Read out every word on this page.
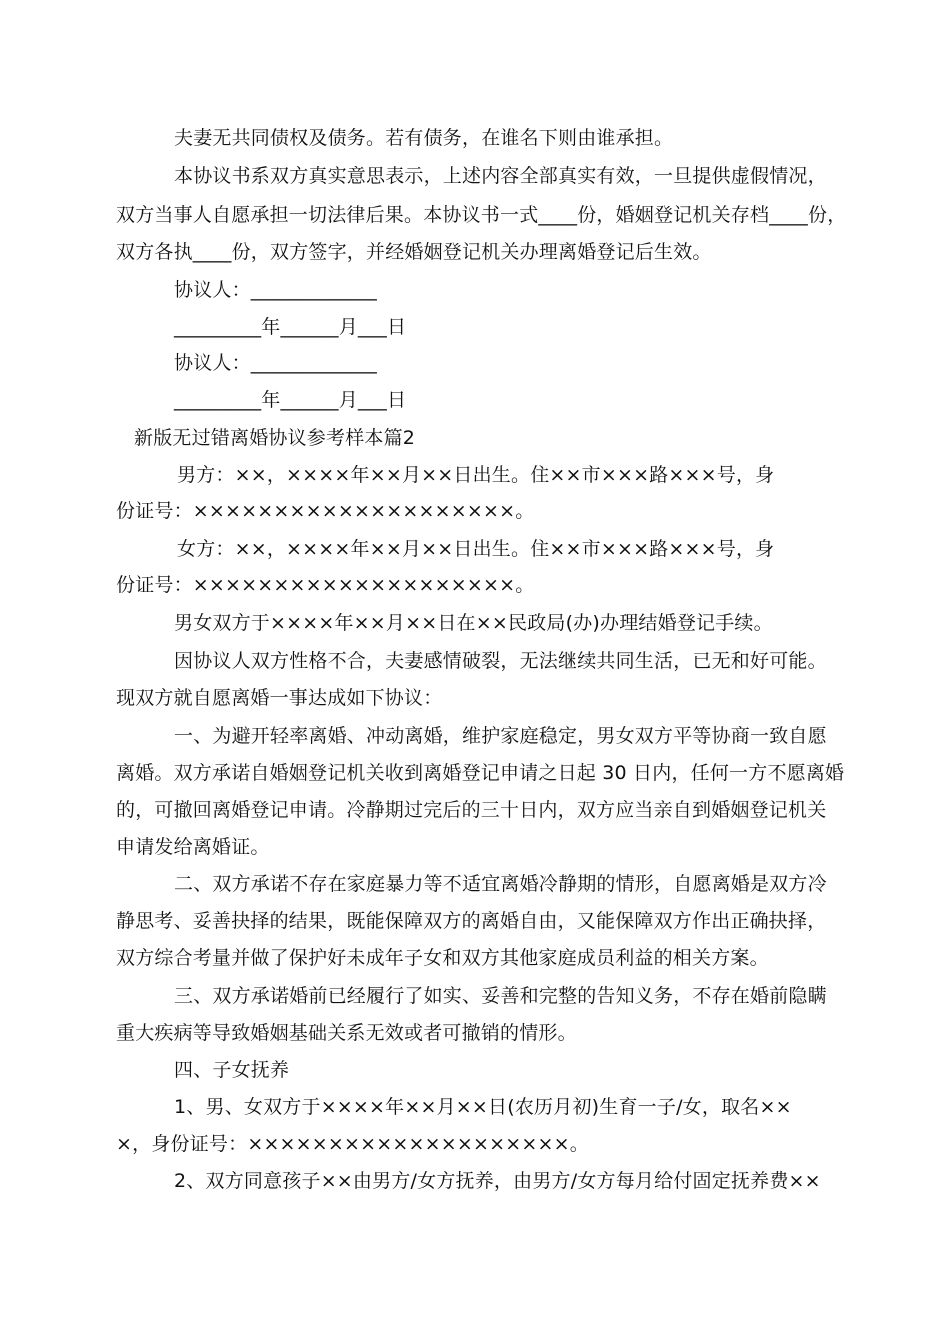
夫妻无共同债权及债务。若有债务，在谁名下则由谁承担。
本协议书系双方真实意思表示，上述内容全部真实有效，一旦提供虚假情况，
双方当事人自愿承担一切法律后果。本协议书一式____份，婚姻登记机关存档____份，
双方各执____份，双方签字，并经婚姻登记机关办理离婚登记后生效。
协议人：_____________
_________年______月___日
协议人：_____________
_________年______月___日
新版无过错离婚协议参考样本篇2
男方：××，××××年××月××日出生。住××市×××路×××号，身
份证号：××××××××××××××××××××。
女方：××，××××年××月××日出生。住××市×××路×××号，身
份证号：××××××××××××××××××××。
男女双方于××××年××月××日在××民政局(办)办理结婚登记手续。
因协议人双方性格不合，夫妻感情破裂，无法继续共同生活，已无和好可能。
现双方就自愿离婚一事达成如下协议：
一、为避开轻率离婚、冲动离婚，维护家庭稳定，男女双方平等协商一致自愿
离婚。双方承诺自婚姻登记机关收到离婚登记申请之日起 30 日内，任何一方不愿离婚
的，可撤回离婚登记申请。冷静期过完后的三十日内，双方应当亲自到婚姻登记机关
申请发给离婚证。
二、双方承诺不存在家庭暴力等不适宜离婚冷静期的情形，自愿离婚是双方冷
静思考、妥善抉择的结果，既能保障双方的离婚自由，又能保障双方作出正确抉择，
双方综合考量并做了保护好未成年子女和双方其他家庭成员利益的相关方案。
三、双方承诺婚前已经履行了如实、妥善和完整的告知义务，不存在婚前隐瞒
重大疾病等导致婚姻基础关系无效或者可撤销的情形。
四、子女抚养
1、男、女双方于××××年××月××日(农历月初)生育一子/女，取名××
×，身份证号：××××××××××××××××××××。
2、双方同意孩子××由男方/女方抚养，由男方/女方每月给付固定抚养费××
